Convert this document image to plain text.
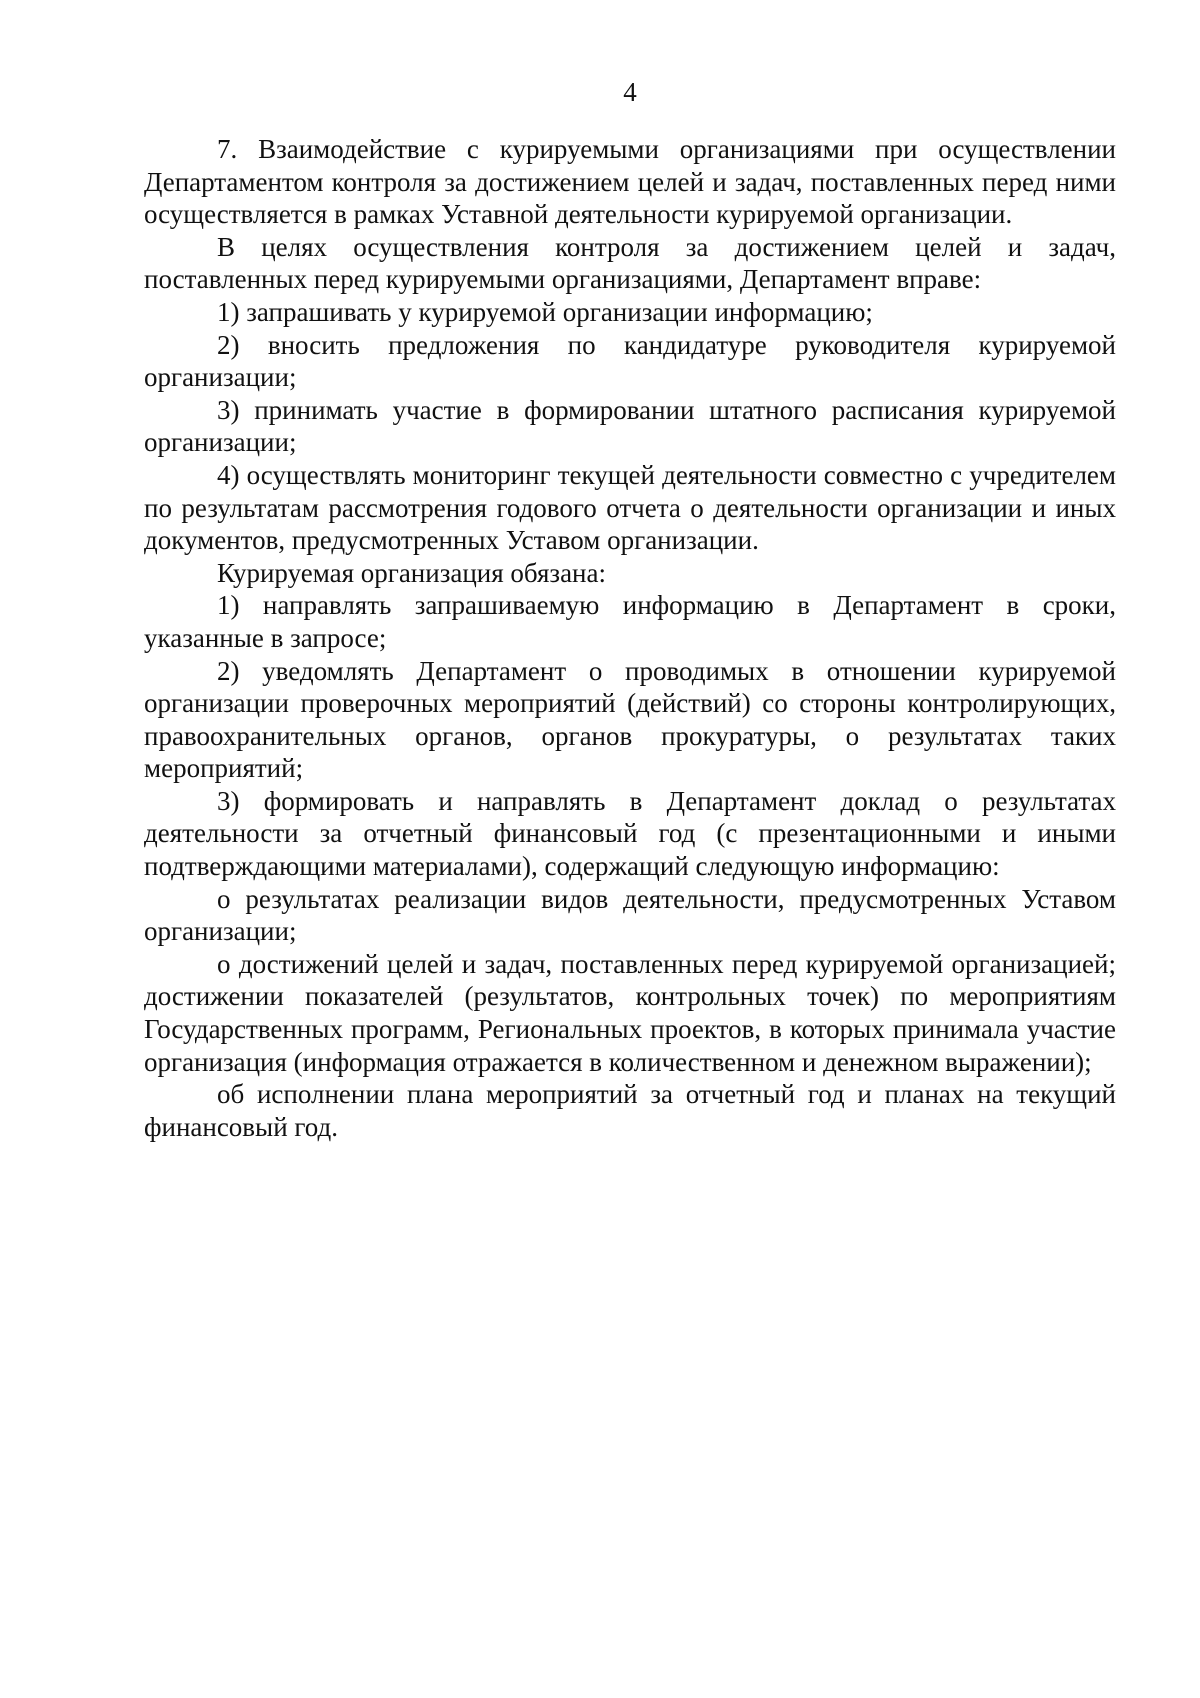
4

7. Взаимодействие с курируемыми организациями при осуществлении Департаментом контроля за достижением целей и задач, поставленных перед ними осуществляется в рамках Уставной деятельности курируемой организации.

В целях осуществления контроля за достижением целей и задач, поставленных перед курируемыми организациями, Департамент вправе:

1) запрашивать у курируемой организации информацию;

2) вносить предложения по кандидатуре руководителя курируемой организации;

3) принимать участие в формировании штатного расписания курируемой организации;

4) осуществлять мониторинг текущей деятельности совместно с учредителем по результатам рассмотрения годового отчета о деятельности организации и иных документов, предусмотренных Уставом организации.

Курируемая организация обязана:

1) направлять запрашиваемую информацию в Департамент в сроки, указанные в запросе;

2) уведомлять Департамент о проводимых в отношении курируемой организации проверочных мероприятий (действий) со стороны контролирующих, правоохранительных органов, органов прокуратуры, о результатах таких мероприятий;

3) формировать и направлять в Департамент доклад о результатах деятельности за отчетный финансовый год (с презентационными и иными подтверждающими материалами), содержащий следующую информацию:

о результатах реализации видов деятельности, предусмотренных Уставом организации;

о достижений целей и задач, поставленных перед курируемой организацией; достижении показателей (результатов, контрольных точек) по мероприятиям Государственных программ, Региональных проектов, в которых принимала участие организация (информация отражается в количественном и денежном выражении);

об исполнении плана мероприятий за отчетный год и планах на текущий финансовый год.
